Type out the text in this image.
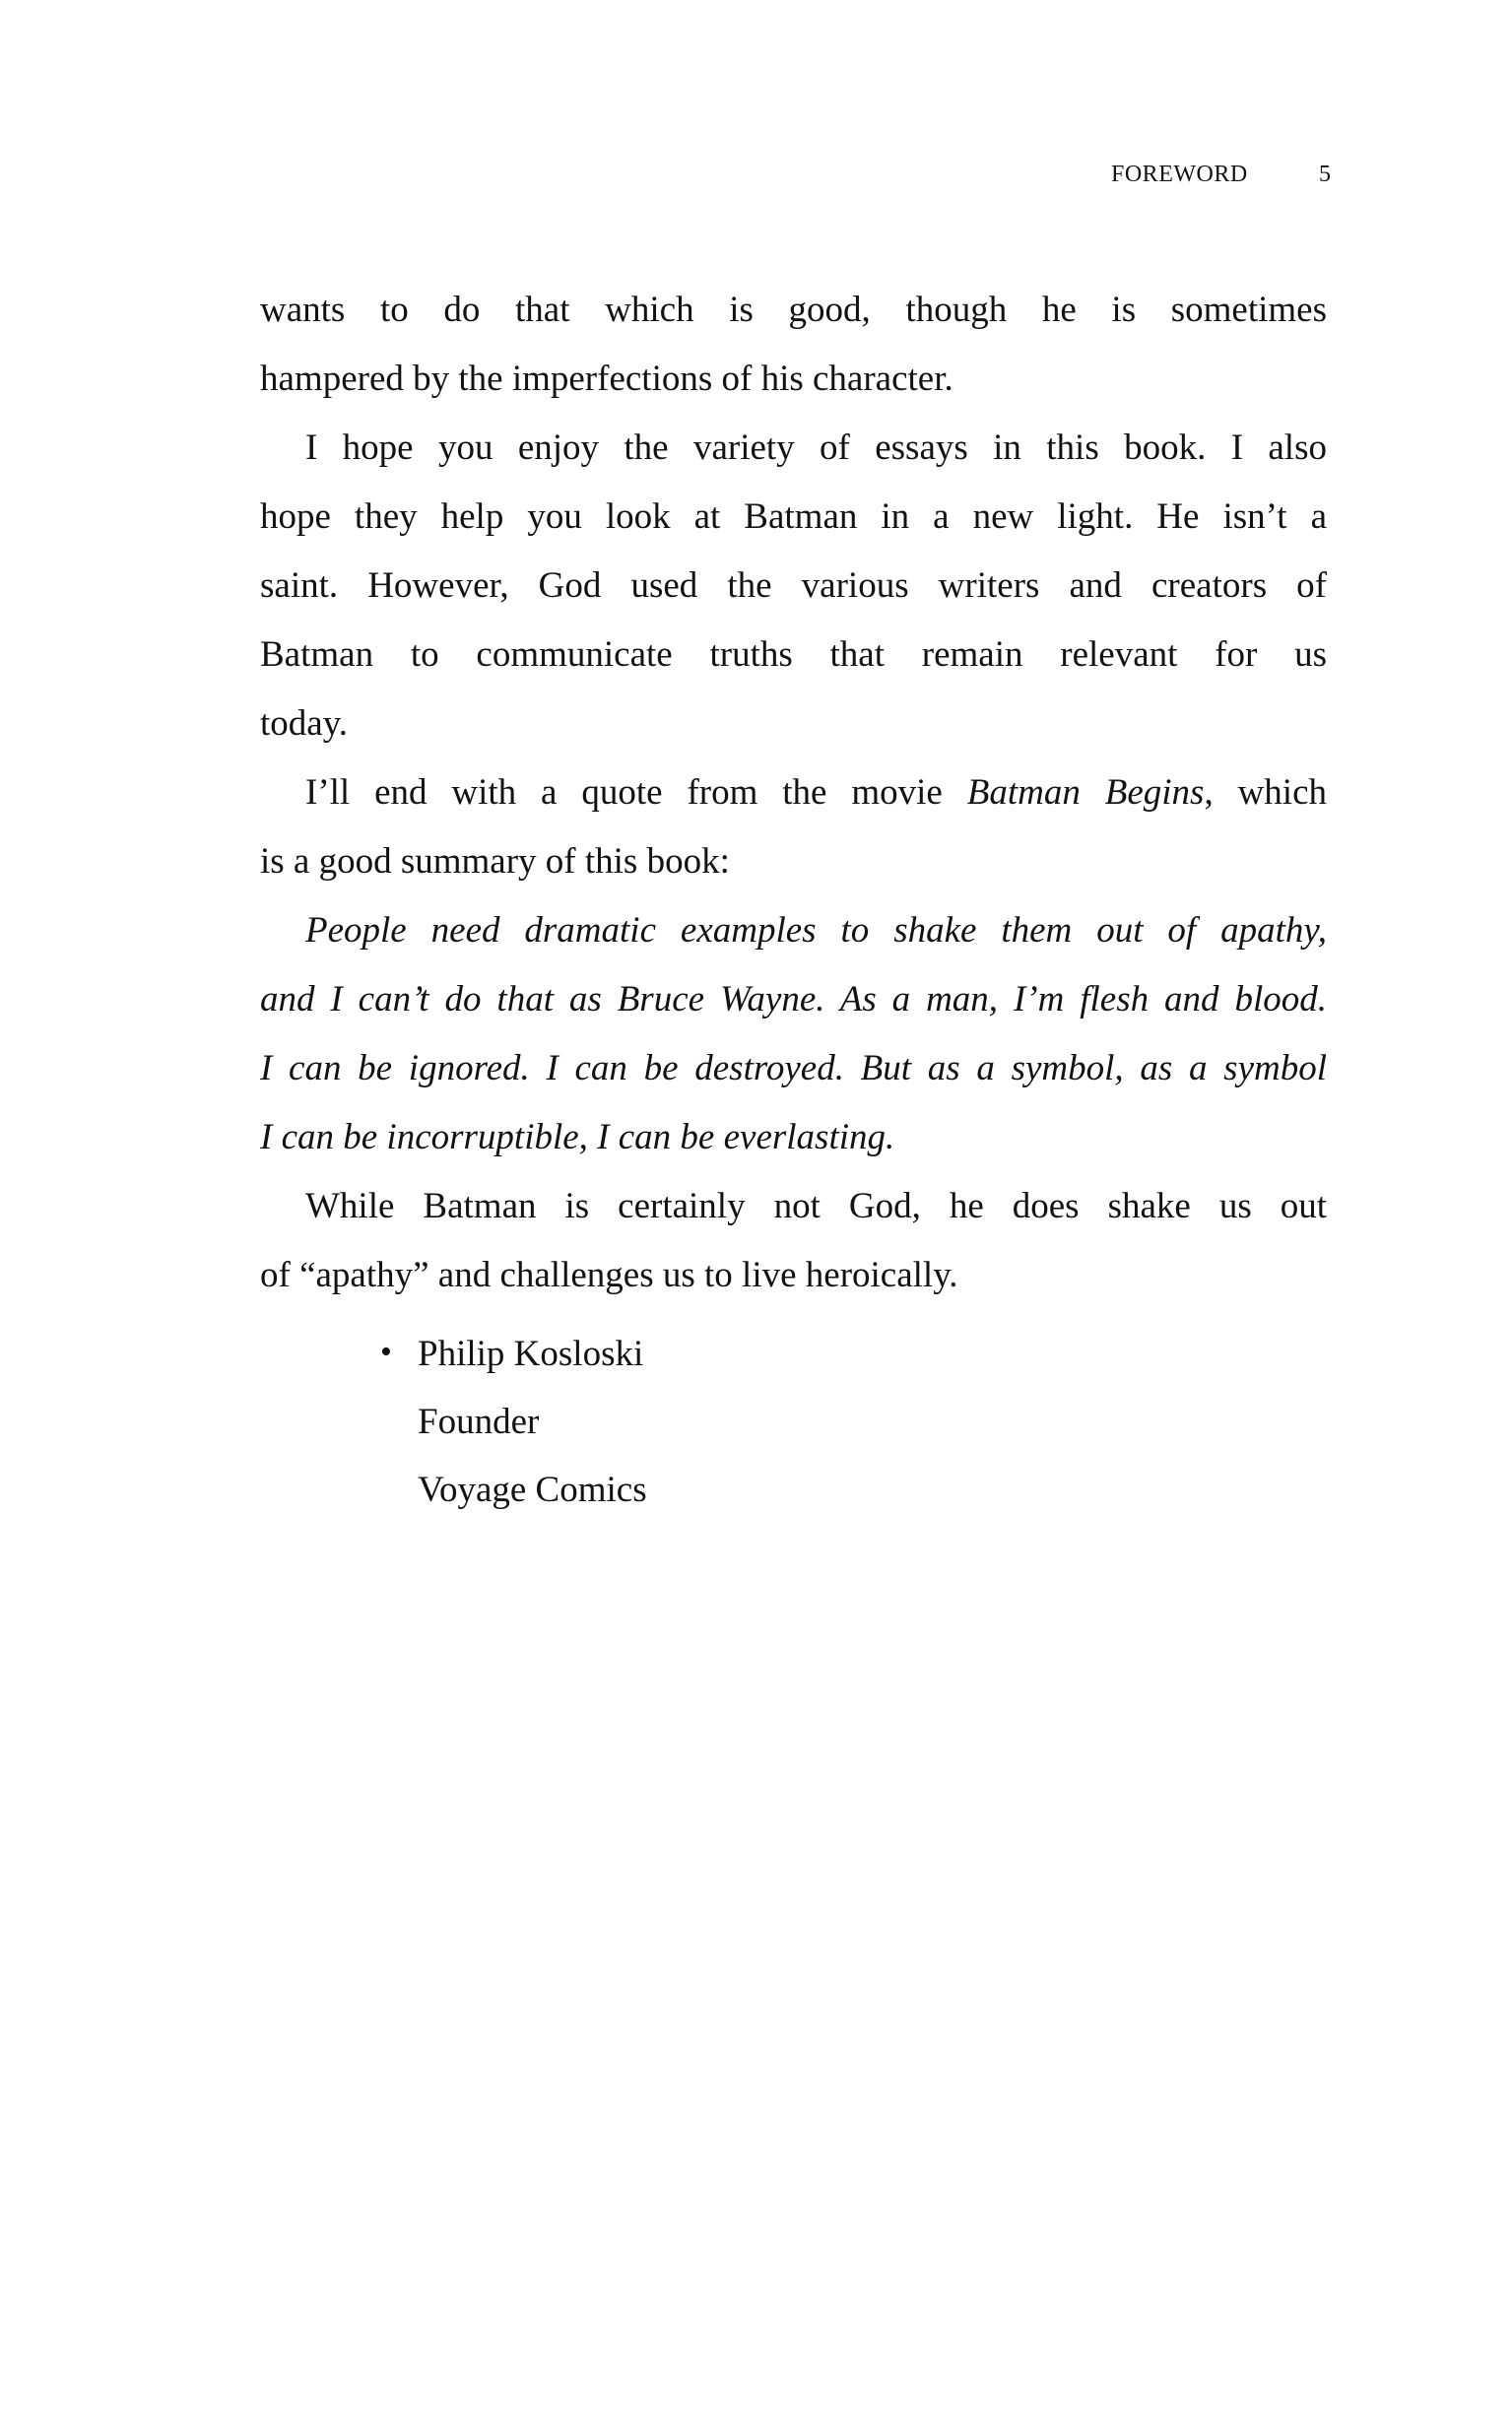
FOREWORD	5
wants to do that which is good, though he is sometimes
hampered by the imperfections of his character.
I hope you enjoy the variety of essays in this book. I also
hope they help you look at Batman in a new light. He isn’t a
saint. However, God used the various writers and creators of
Batman to communicate truths that remain relevant for us
today.
I’ll end with a quote from the movie Batman Begins, which
is a good summary of this book:
People need dramatic examples to shake them out of apathy,
and I can’t do that as Bruce Wayne. As a man, I’m flesh and blood.
I can be ignored. I can be destroyed. But as a symbol, as a symbol
I can be incorruptible, I can be everlasting.
While Batman is certainly not God, he does shake us out
of “apathy” and challenges us to live heroically.
• Philip Kosloski
Founder
Voyage Comics
